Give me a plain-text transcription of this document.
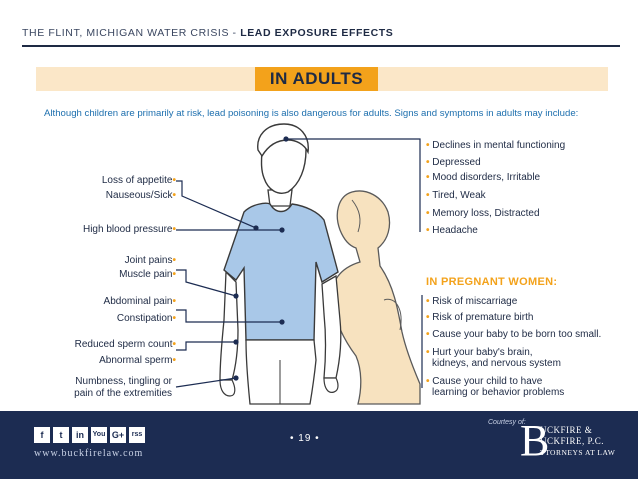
THE FLINT, MICHIGAN WATER CRISIS - LEAD EXPOSURE EFFECTS
IN ADULTS
Although children are primarily at risk, lead poisoning is also dangerous for adults. Signs and symptoms in adults may include:
Loss of appetite•
Nauseous/Sick•
High blood pressure•
Joint pains•
Muscle pain•
Abdominal pain•
Constipation•
Reduced sperm count•
Abnormal sperm•
Numbness, tingling or
pain of the extremities
• Declines in mental functioning
• Depressed
• Mood disorders, Irritable
• Tired, Weak
• Memory loss, Distracted
• Headache
IN PREGNANT WOMEN:
• Risk of miscarriage
• Risk of premature birth
• Cause your baby to be born too small.
• Hurt your baby's brain,
kidneys, and nervous system
• Cause your child to have
learning or behavior problems
f	t	in	You G+	rss
www.buckfirelaw.com
• 19 •
Courtesy of:
B
UCKFIRE &
UCKFIRE, P.C.
TTORNEYS AT LAW
